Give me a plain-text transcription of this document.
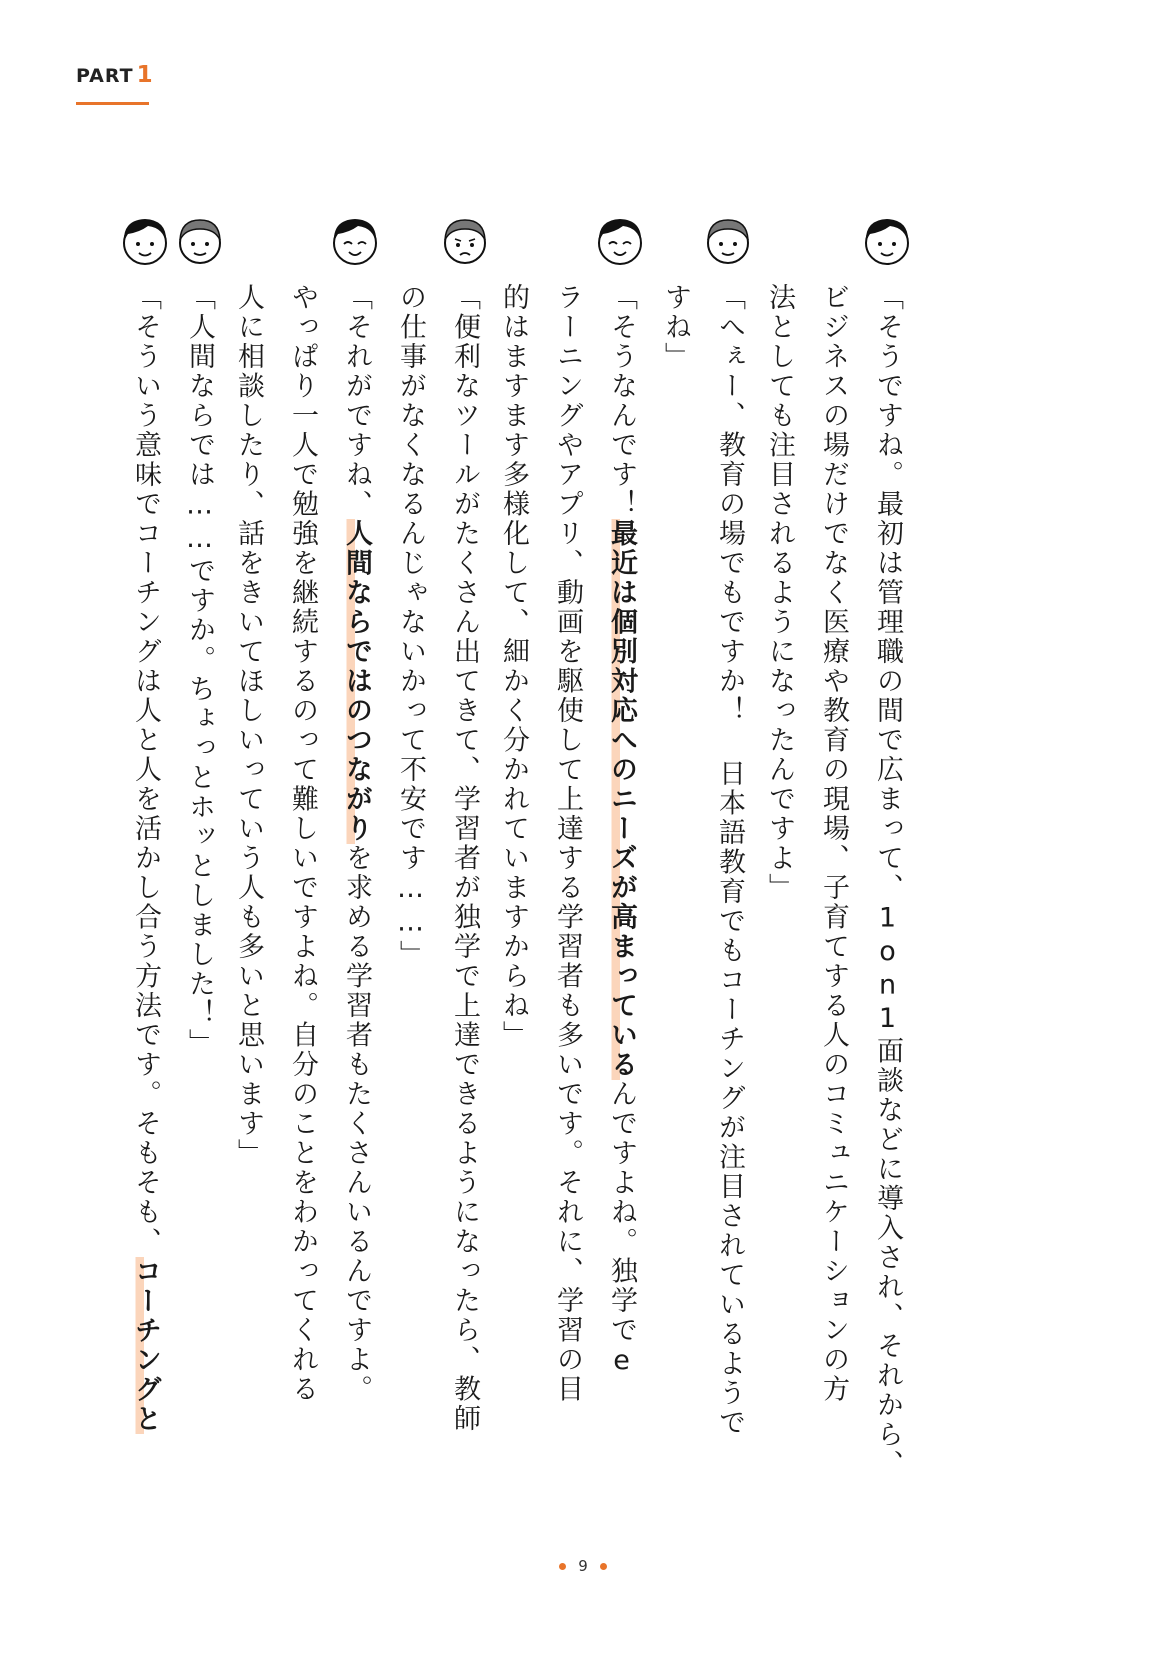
PART 1
「そうですね。最初は管理職の間で広まって、1on1面談などに導入され、それから、
ビジネスの場だけでなく医療や教育の現場、子育てする人のコミュニケーションの方
法としても注目されるようになったんですよ」
「へぇー、教育の場でもですか！ 日本語教育でもコーチングが注目されているようで
すね」
「そうなんです！最近は個別対応へのニーズが高まっているんですよね。独学でe
ラーニングやアプリ、動画を駆使して上達する学習者も多いです。それに、学習の目
的はますます多様化して、細かく分かれていますからね」
「便利なツールがたくさん出てきて、学習者が独学で上達できるようになったら、教師
の仕事がなくなるんじゃないかって不安です……」
「それがですね、人間ならではのつながりを求める学習者もたくさんいるんですよ。
やっぱり一人で勉強を継続するのって難しいですよね。自分のことをわかってくれる
人に相談したり、話をきいてほしいっていう人も多いと思います」
「人間ならでは……ですか。ちょっとホッとしました！」
「そういう意味でコーチングは人と人を活かし合う方法です。そもそも、コーチングと
9
